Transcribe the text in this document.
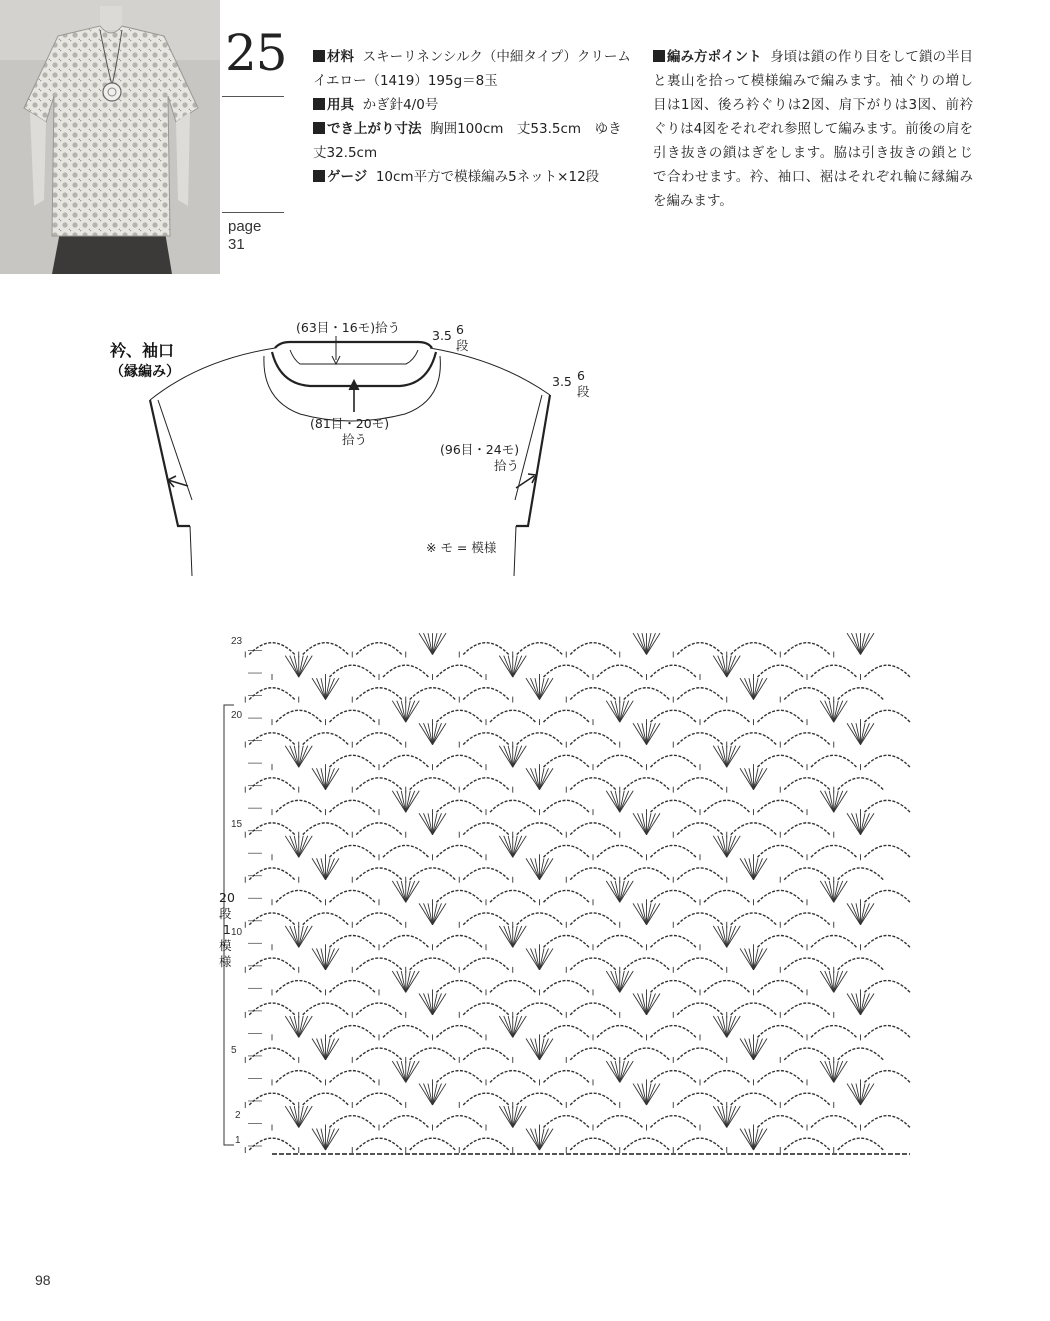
25
page
31
材料 スキーリネンシルク（中細タイプ）クリームイエロー（1419）195g＝8玉
用具 かぎ針4/0号
でき上がり寸法 胸囲100cm　丈53.5cm　ゆき丈32.5cm
ゲージ 10cm平方で模様編み5ネット×12段
編み方ポイント 身頃は鎖の作り目をして鎖の半目と裏山を拾って模様編みで編みます。袖ぐりの増し目は1図、後ろ衿ぐりは2図、肩下がりは3図、前衿ぐりは4図をそれぞれ参照して編みます。前後の肩を引き抜きの鎖はぎをします。脇は引き抜きの鎖とじで合わせます。衿、袖口、裾はそれぞれ輪に縁編みを編みます。
衿、袖口
（縁編み）
(63目・16モ)拾う
(81目・20モ)
拾う
(96目・24モ)
拾う
3.5 6
段
3.5 6
段
※ モ = 模様
23
20
15
10
5
2
1
20
段
1
模
様
98
